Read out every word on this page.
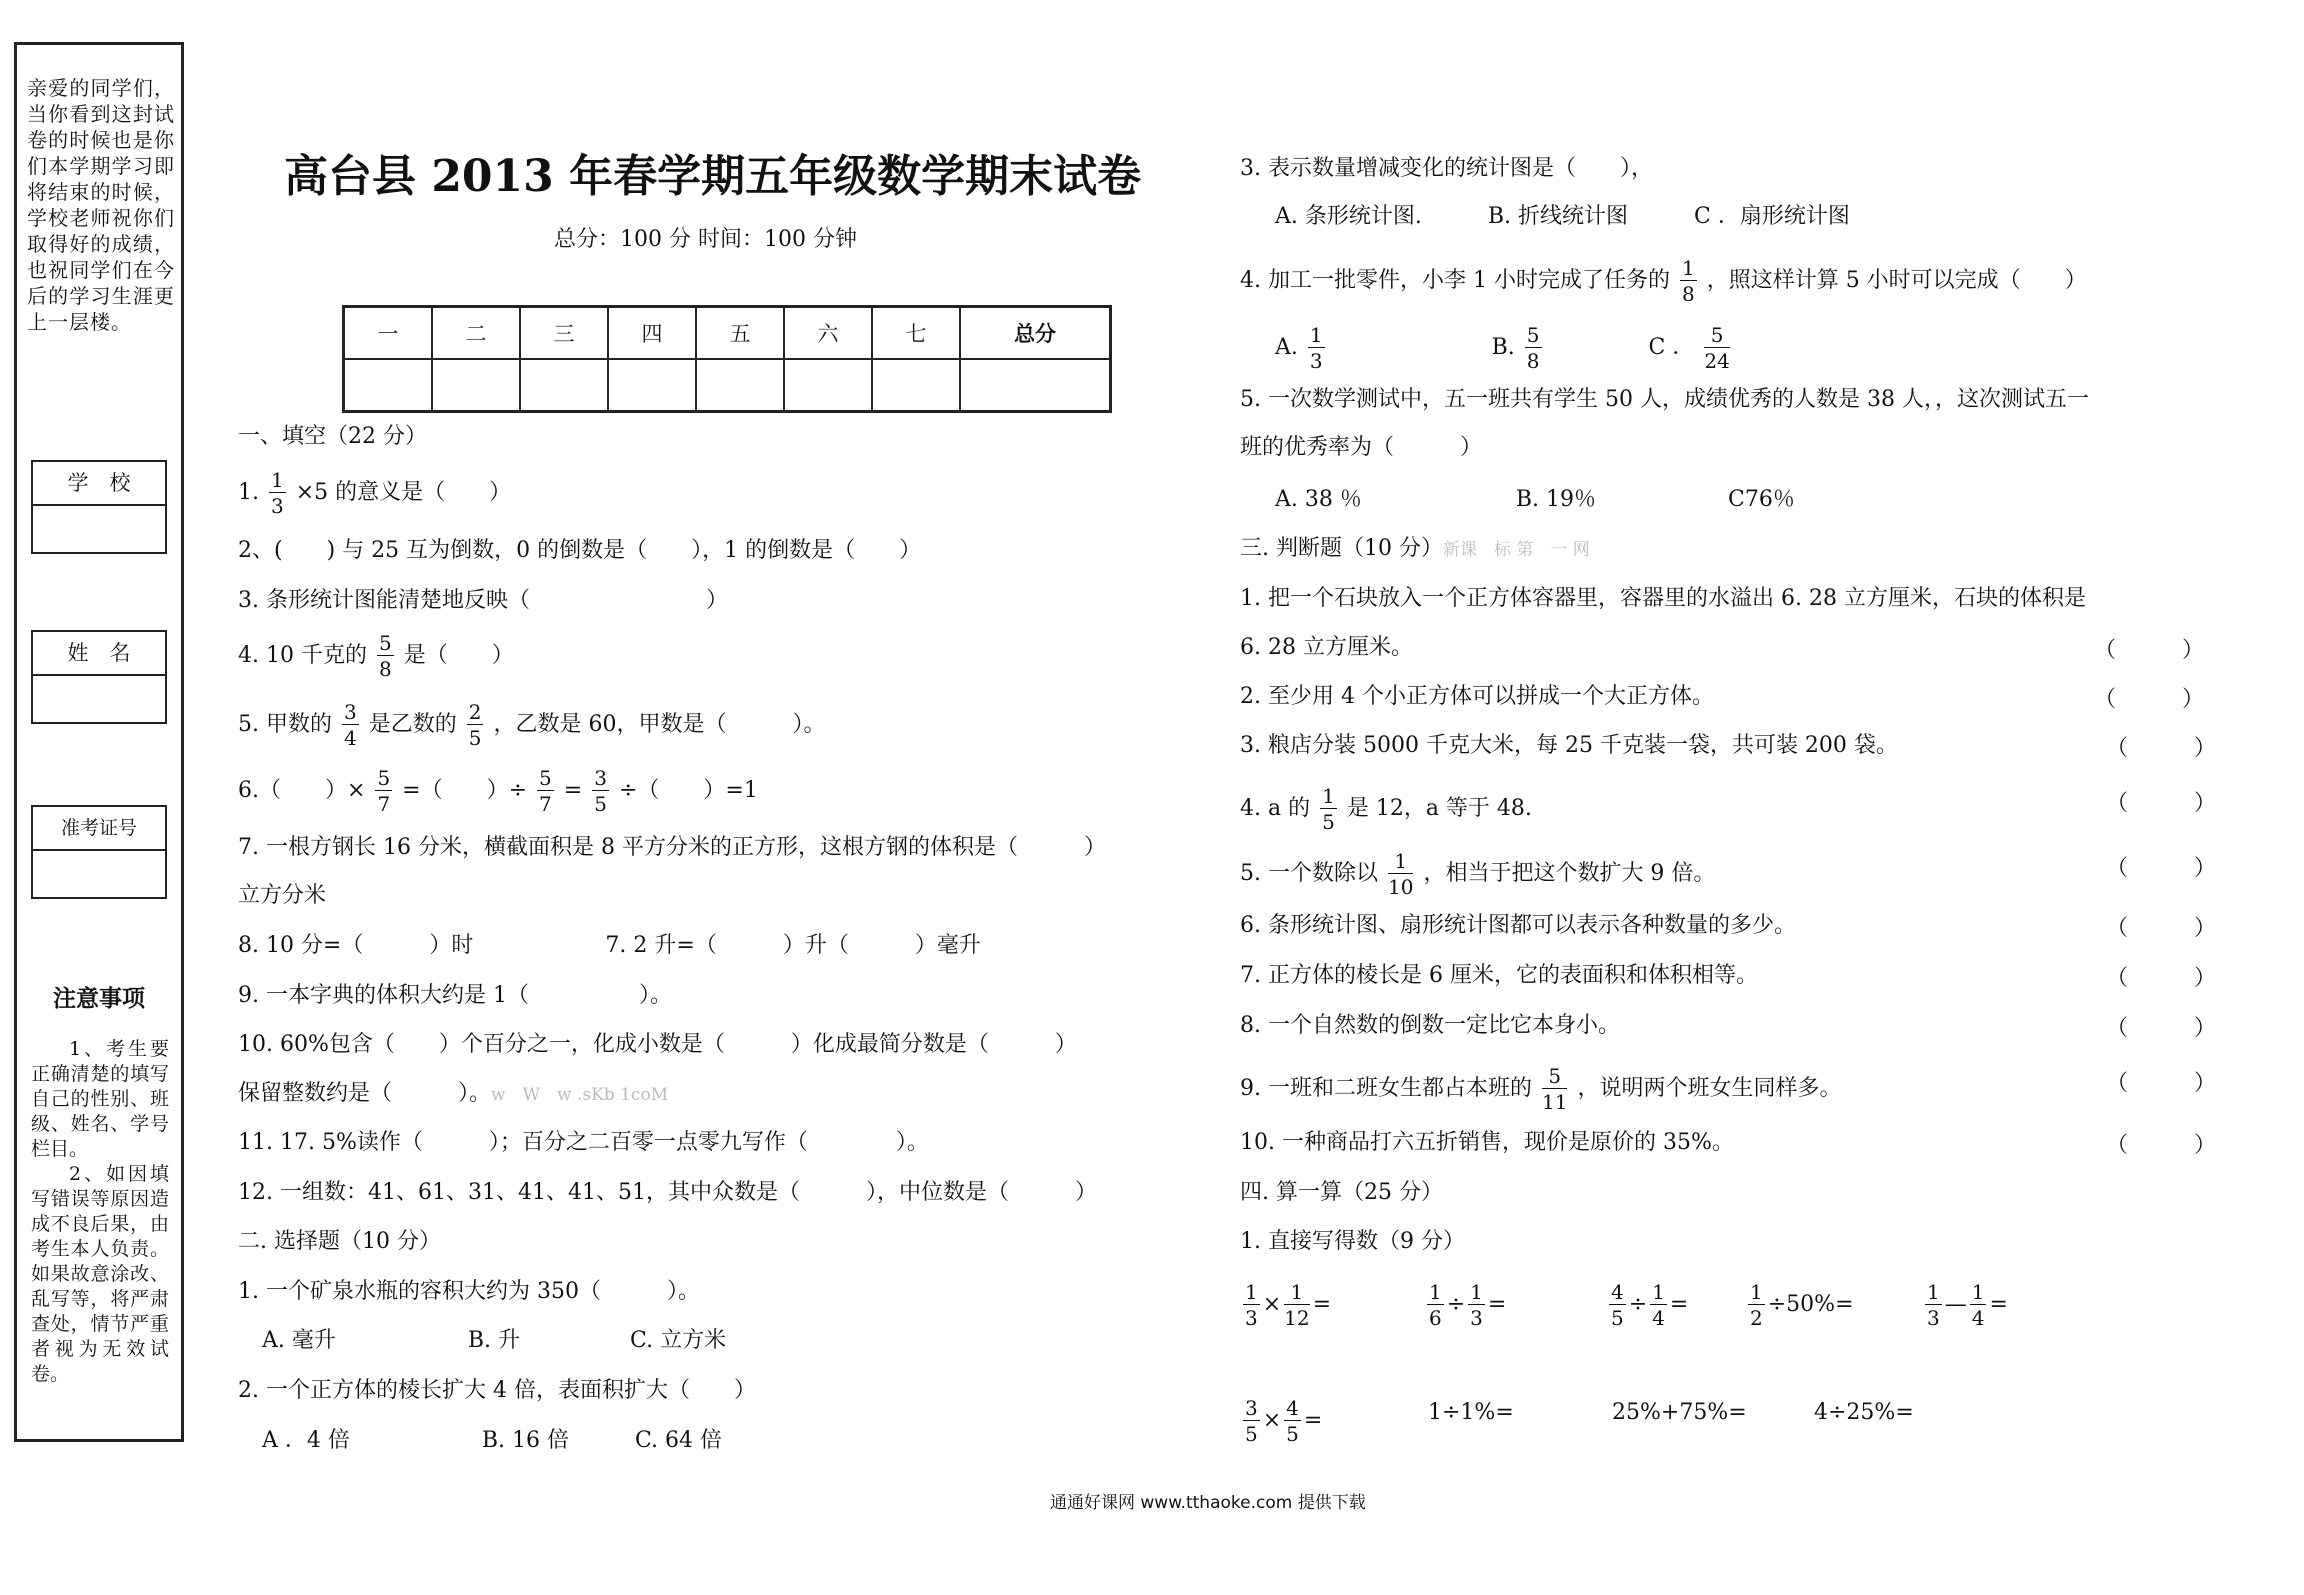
亲爱的同学们，当你看到这封试卷的时候也是你们本学期学习即将结束的时候，学校老师祝你们取得好的成绩，也祝同学们在今后的学习生涯更上一层楼。
学　校
姓　名
准考证号
注意事项

1、考生要正确清楚的填写自己的性别、班级、姓名、学号栏目。

2、如因填写错误等原因造成不良后果，由考生本人负责。如果故意涂改、乱写等，将严肃查处，情节严重者视为无效试卷。

高台县 2013 年春学期五年级数学期末试卷
总分：100 分 时间：100 分钟
一	二	三	四	五	六	七	总分

一、填空（22 分）
1. $\frac{1}{3} \times 5$ 的意义是（　　）
2、(　　) 与 25 互为倒数，0 的倒数是（　　），1 的倒数是（　　）
3. 条形统计图能清楚地反映（　　　　　　　　）
4. 10 千克的 $\frac{5}{8}$ 是（　　）
5. 甲数的 $\frac{3}{4}$ 是乙数的 $\frac{2}{5}$ ，乙数是 60，甲数是（　　　）。
6.（　　）× $\frac{5}{7}$ =（　　）÷ $\frac{5}{7} = \frac{3}{5}$ ÷（　　）=1
7. 一根方钢长 16 分米，横截面积是 8 平方分米的正方形，这根方钢的体积是（　　　）
立方分米
8. 10 分=（　　　）时　　　　　　7. 2 升=（　　　）升（　　　）毫升
9. 一本字典的体积大约是 1（　　　　　）。
10. 60%包含（　　）个百分之一，化成小数是（　　　）化成最简分数是（　　　）
保留整数约是（　　　）。w　W　w .sKb 1coM
11. 17. 5%读作（　　　）；百分之二百零一点零九写作（　　　　）。
12. 一组数：41、61、31、41、41、51，其中众数是（　　　），中位数是（　　　）
二. 选择题（10 分）
1. 一个矿泉水瓶的容积大约为 350（　　　）。
A. 毫升　　　　　　B. 升　　　　　C. 立方米
2. 一个正方体的棱长扩大 4 倍，表面积扩大（　　）
A ．4 倍　　　　　　B. 16 倍　　　C. 64 倍
3. 表示数量增减变化的统计图是（　　），
A. 条形统计图.　　　B. 折线统计图　　　C ．扇形统计图
4. 加工一批零件，小李 1 小时完成了任务的 $\frac{1}{8}$ ，照这样计算 5 小时可以完成（　　）
A. $\frac{1}{3}$	B. $\frac{5}{8}$	C ． $\frac{5}{24}$
5. 一次数学测试中，五一班共有学生 50 人，成绩优秀的人数是 38 人，，这次测试五一
班的优秀率为（　　　）
A. 38 ％　　　　　　　B. 19％　　　　　　C76％
三. 判断题（10 分）新课　标 第　一 网
1. 把一个石块放入一个正方体容器里，容器里的水溢出 6. 28 立方厘米，石块的体积是
6. 28 立方厘米。	（　　　）
2. 至少用 4 个小正方体可以拼成一个大正方体。	（　　　）
3. 粮店分装 5000 千克大米，每 25 千克装一袋，共可装 200 袋。	（　　　）
4. a 的 $\frac{1}{5}$ 是 12，a 等于 48.	（　　　）
5. 一个数除以 $\frac{1}{10}$ ，相当于把这个数扩大 9 倍。	（　　　）
6. 条形统计图、扇形统计图都可以表示各种数量的多少。	（　　　）
7. 正方体的棱长是 6 厘米，它的表面积和体积相等。	（　　　）
8. 一个自然数的倒数一定比它本身小。	（　　　）
9. 一班和二班女生都占本班的 $\frac{5}{11}$ ，说明两个班女生同样多。	（　　　）
10. 一种商品打六五折销售，现价是原价的 35%。	（　　　）
四. 算一算（25 分）
1. 直接写得数（9 分）
$\frac{1}{3} \times \frac{1}{12}$ =	$\frac{1}{6} \div \frac{1}{3}$ =	$\frac{4}{5} \div \frac{1}{4}$ =	$\frac{1}{2} \div 50\%=$	$\frac{1}{3}$ — $\frac{1}{4}$ =
$\frac{3}{5} \times \frac{4}{5}$ =	1÷1%=	25%+75%=	4÷25%=
通通好课网 www.tthaoke.com 提供下载
